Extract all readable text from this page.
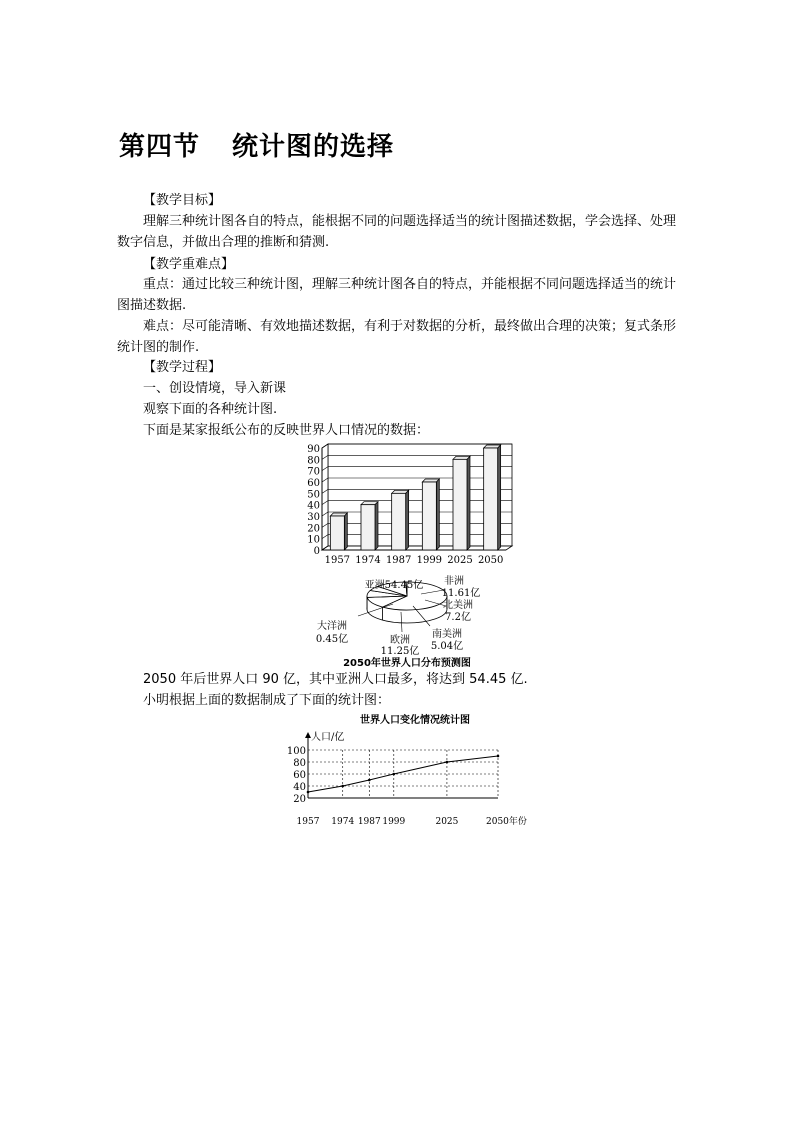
第四节 统计图的选择
【教学目标】
理解三种统计图各自的特点，能根据不同的问题选择适当的统计图描述数据，学会选择、处理数字信息，并做出合理的推断和猜测.
【教学重难点】
重点：通过比较三种统计图，理解三种统计图各自的特点，并能根据不同问题选择适当的统计图描述数据.
难点：尽可能清晰、有效地描述数据，有利于对数据的分析，最终做出合理的决策；复式条形统计图的制作.
【教学过程】
一、创设情境，导入新课
观察下面的各种统计图.
下面是某家报纸公布的反映世界人口情况的数据：
0
10
20
30
40
50
60
70
80
90
1957 1974 1987 1999 2025 2050
亚洲54.45亿 非洲
11.61亿
北美洲
7.2亿
南美洲
5.04亿
欧洲
11.25亿
大洋洲
0.45亿
2050年世界人口分布预测图
2050 年后世界人口 90 亿，其中亚洲人口最多，将达到 54.45 亿.
小明根据上面的数据制成了下面的统计图：
世界人口变化情况统计图
20
40
60
80
100
人口/亿
1957 1974 1987 1999	2025	2050年份
